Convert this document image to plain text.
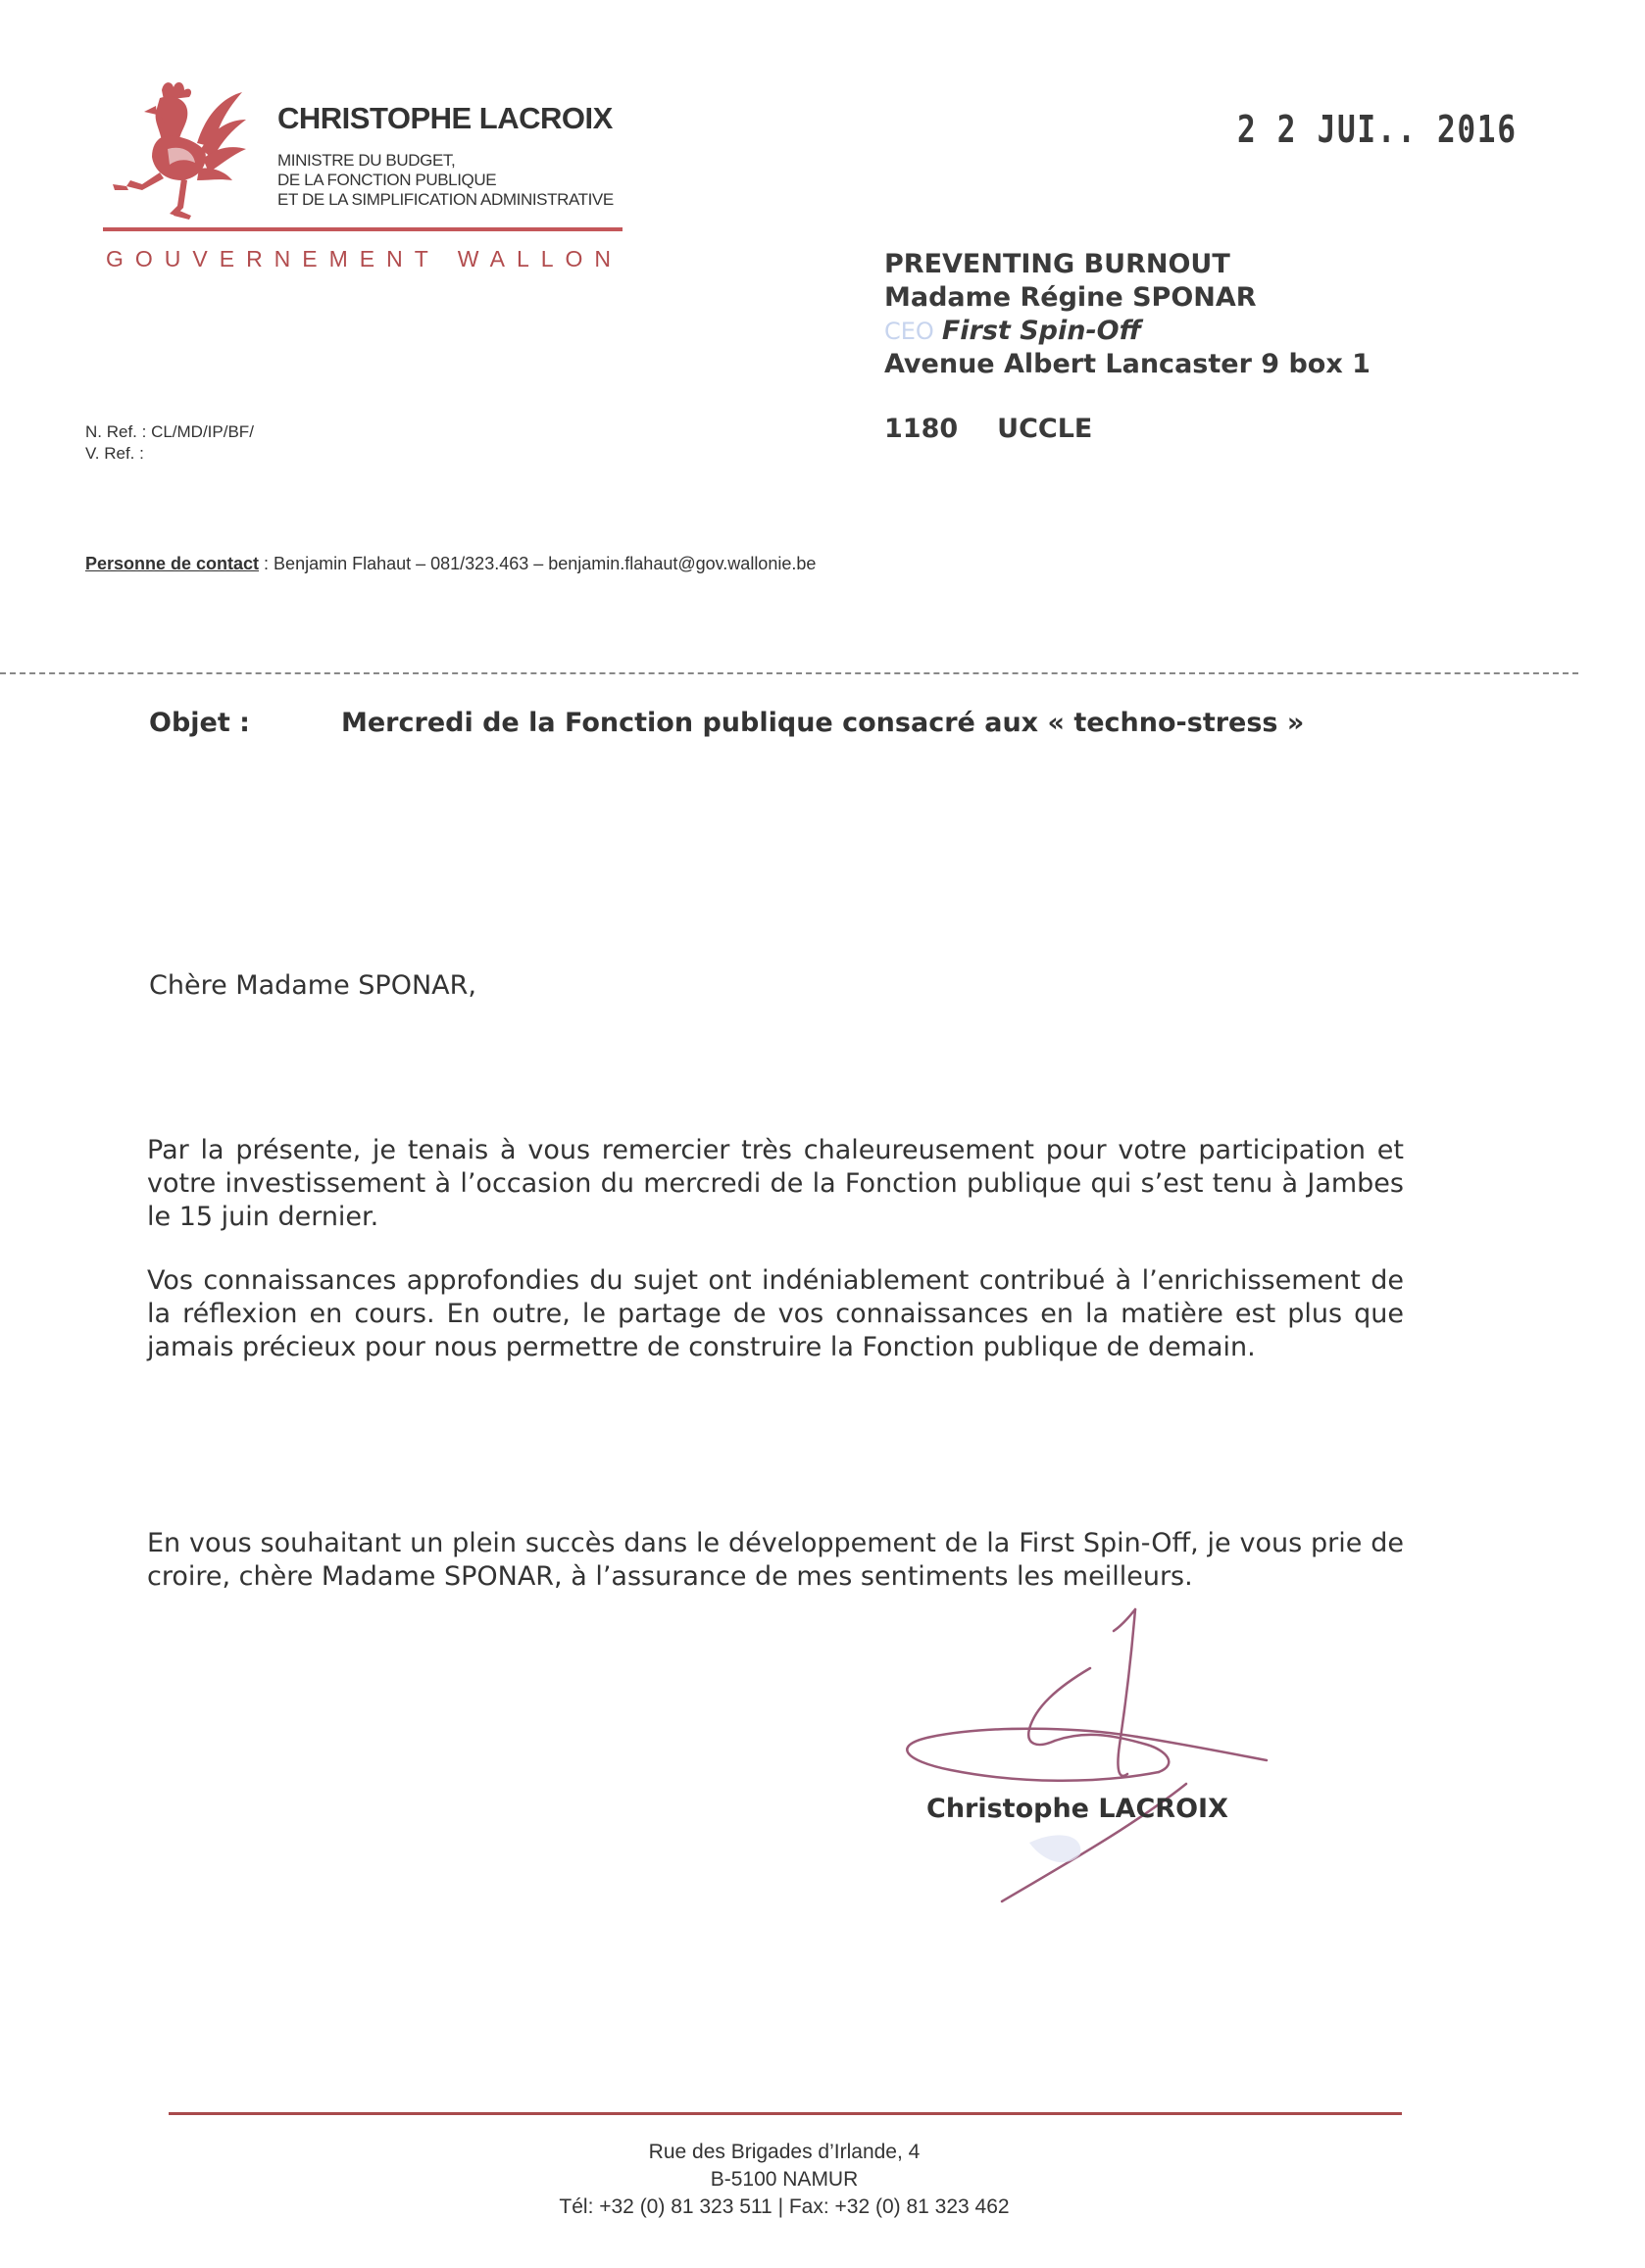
CHRISTOPHE LACROIX
MINISTRE DU BUDGET,
DE LA FONCTION PUBLIQUE
ET DE LA SIMPLIFICATION ADMINISTRATIVE
GOUVERNEMENT WALLON
2 2 JUI.. 2016
PREVENTING BURNOUT
Madame Régine SPONAR
CEO First Spin-Off
Avenue Albert Lancaster 9 box 1
1180 UCCLE
N. Ref. : CL/MD/IP/BF/
V. Ref. :
Personne de contact : Benjamin Flahaut – 081/323.463 – benjamin.flahaut@gov.wallonie.be
Objet :	Mercredi de la Fonction publique consacré aux « techno-stress »
Chère Madame SPONAR,
Par la présente, je tenais à vous remercier très chaleureusement pour votre participation et votre investissement à l’occasion du mercredi de la Fonction publique qui s’est tenu à Jambes le 15 juin dernier.
Vos connaissances approfondies du sujet ont indéniablement contribué à l’enrichissement de la réflexion en cours. En outre, le partage de vos connaissances en la matière est plus que jamais précieux pour nous permettre de construire la Fonction publique de demain.
En vous souhaitant un plein succès dans le développement de la First Spin-Off, je vous prie de croire, chère Madame SPONAR, à l’assurance de mes sentiments les meilleurs.
Christophe LACROIX
Rue des Brigades d’Irlande, 4
B-5100 NAMUR
Tél: +32 (0) 81 323 511 | Fax: +32 (0) 81 323 462
